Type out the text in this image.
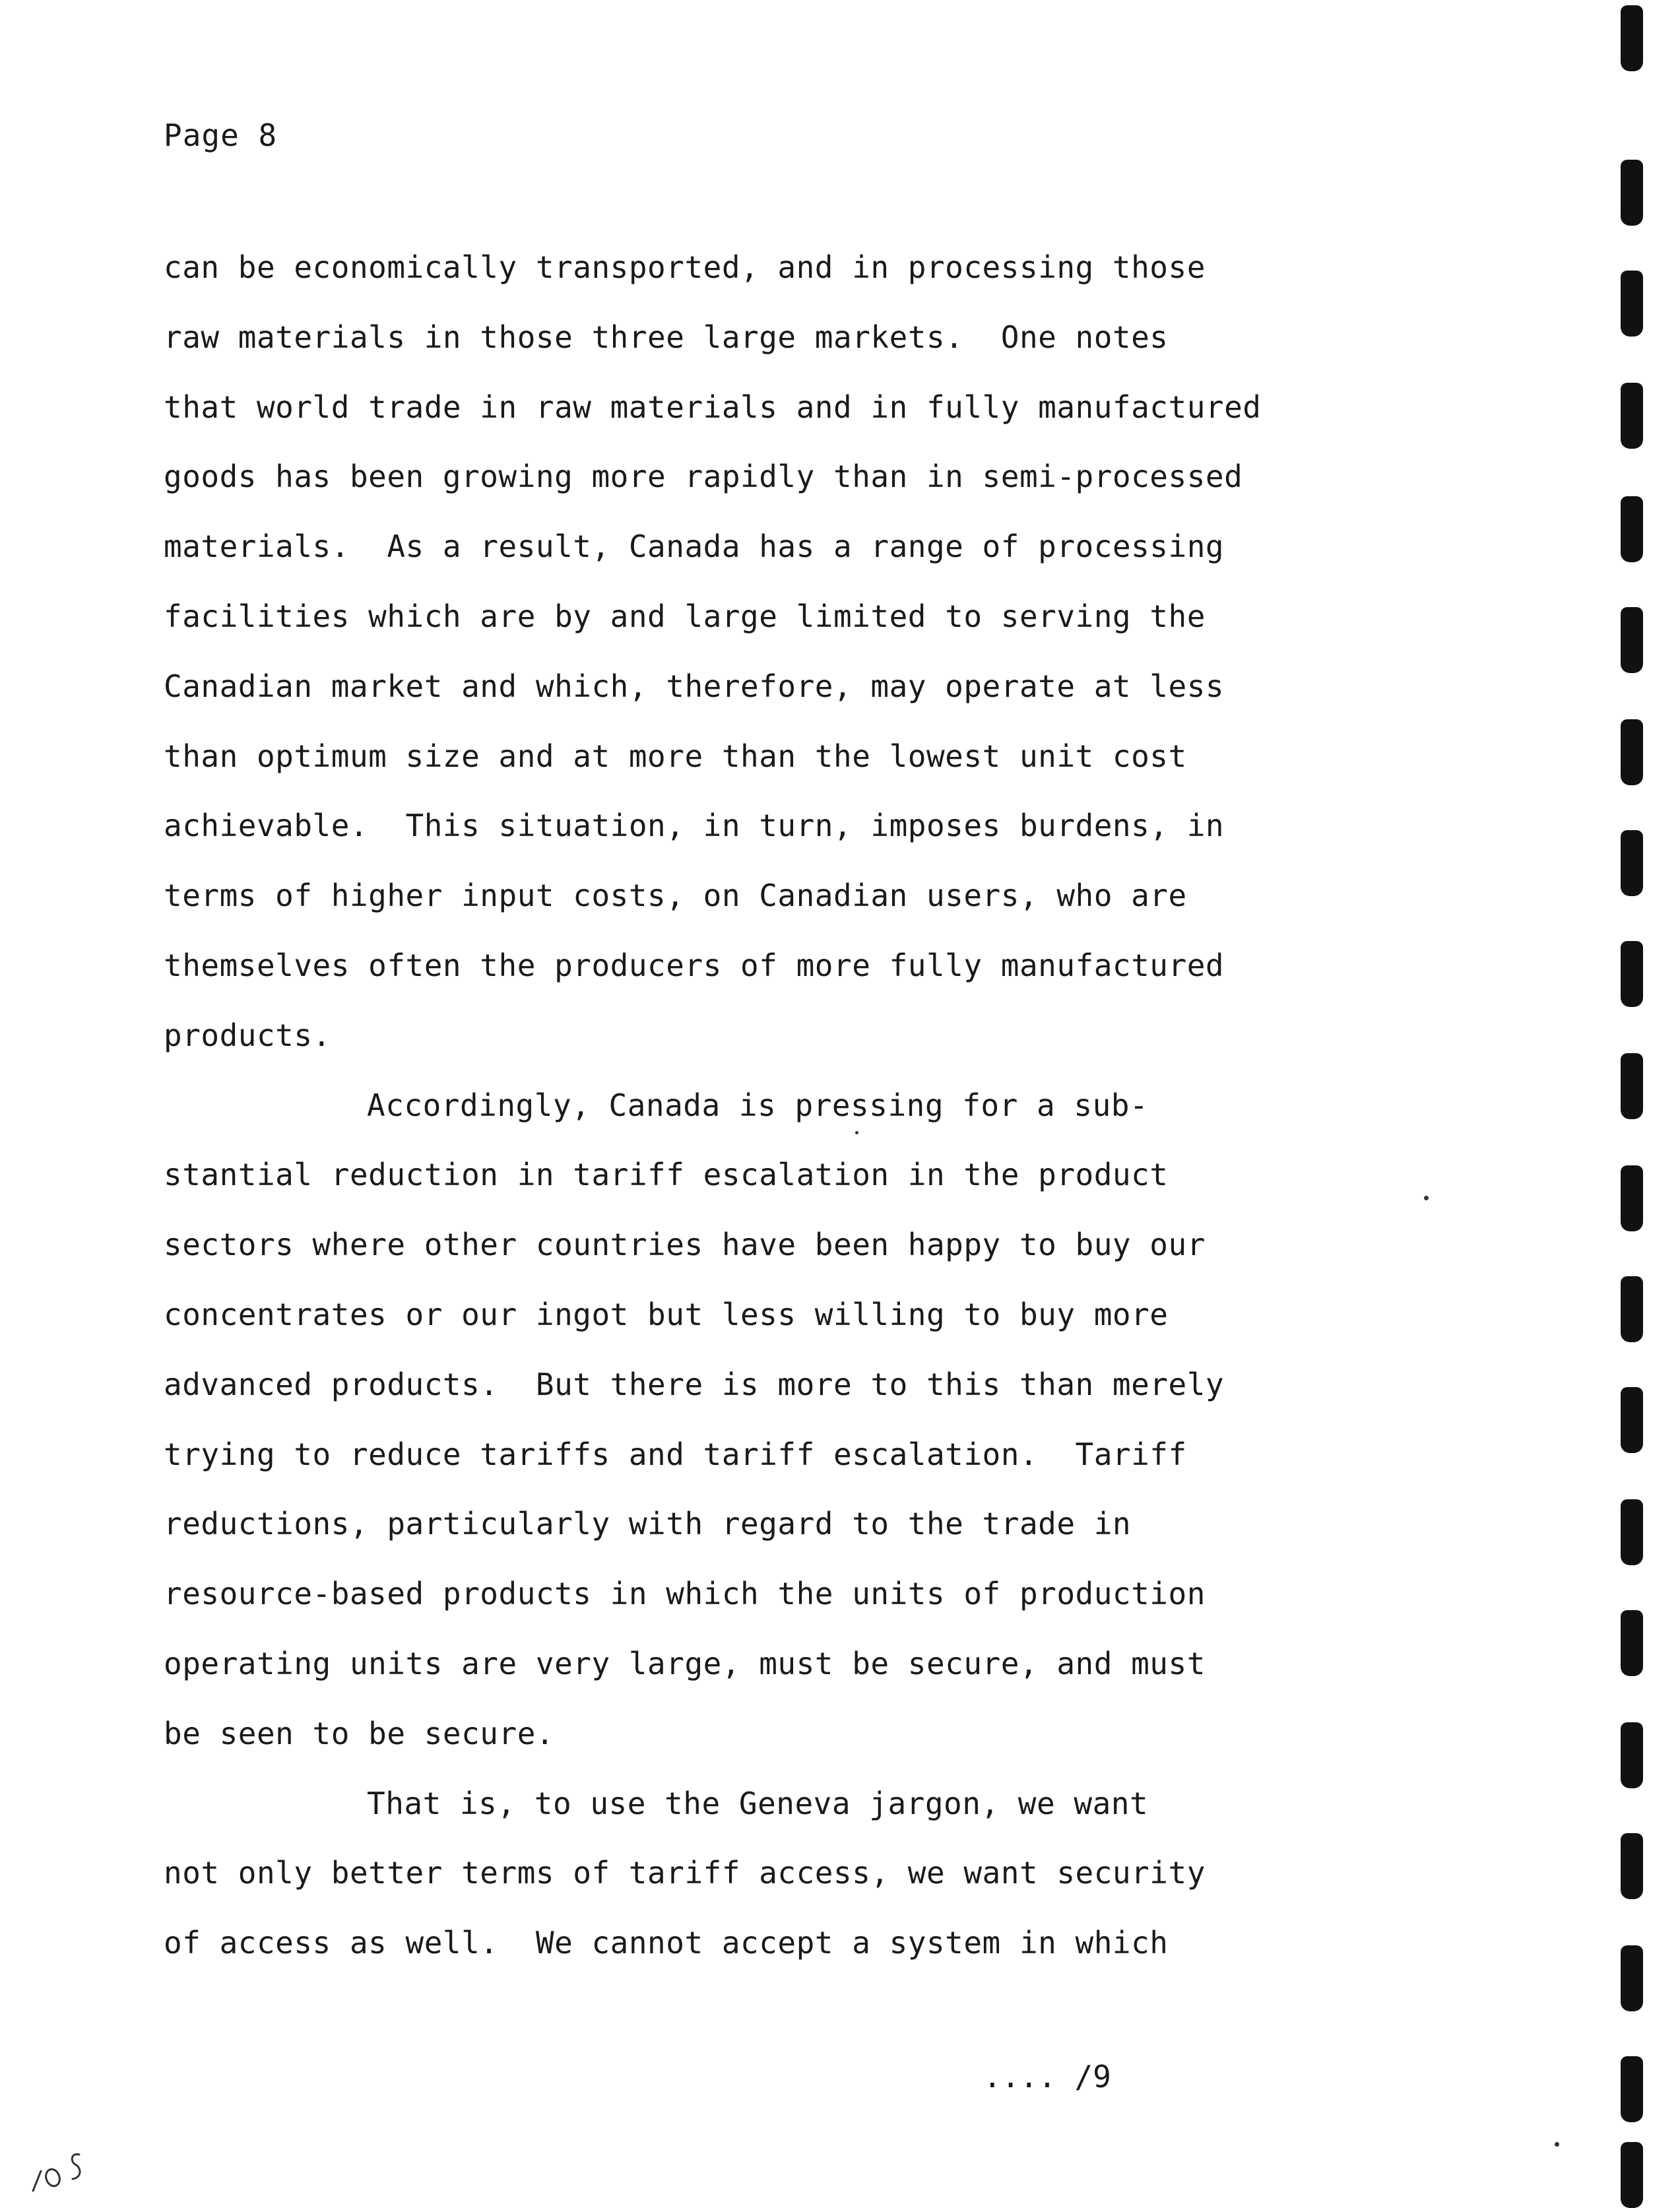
Page 8
can be economically transported, and in processing those
raw materials in those three large markets.  One notes
that world trade in raw materials and in fully manufactured
goods has been growing more rapidly than in semi-processed
materials.  As a result, Canada has a range of processing
facilities which are by and large limited to serving the
Canadian market and which, therefore, may operate at less
than optimum size and at more than the lowest unit cost
achievable.  This situation, in turn, imposes burdens, in
terms of higher input costs, on Canadian users, who are
themselves often the producers of more fully manufactured
products.
Accordingly, Canada is pressing for a sub-
stantial reduction in tariff escalation in the product
sectors where other countries have been happy to buy our
concentrates or our ingot but less willing to buy more
advanced products.  But there is more to this than merely
trying to reduce tariffs and tariff escalation.  Tariff
reductions, particularly with regard to the trade in
resource-based products in which the units of production
operating units are very large, must be secure, and must
be seen to be secure.
That is, to use the Geneva jargon, we want
not only better terms of tariff access, we want security
of access as well.  We cannot accept a system in which
.... /9
